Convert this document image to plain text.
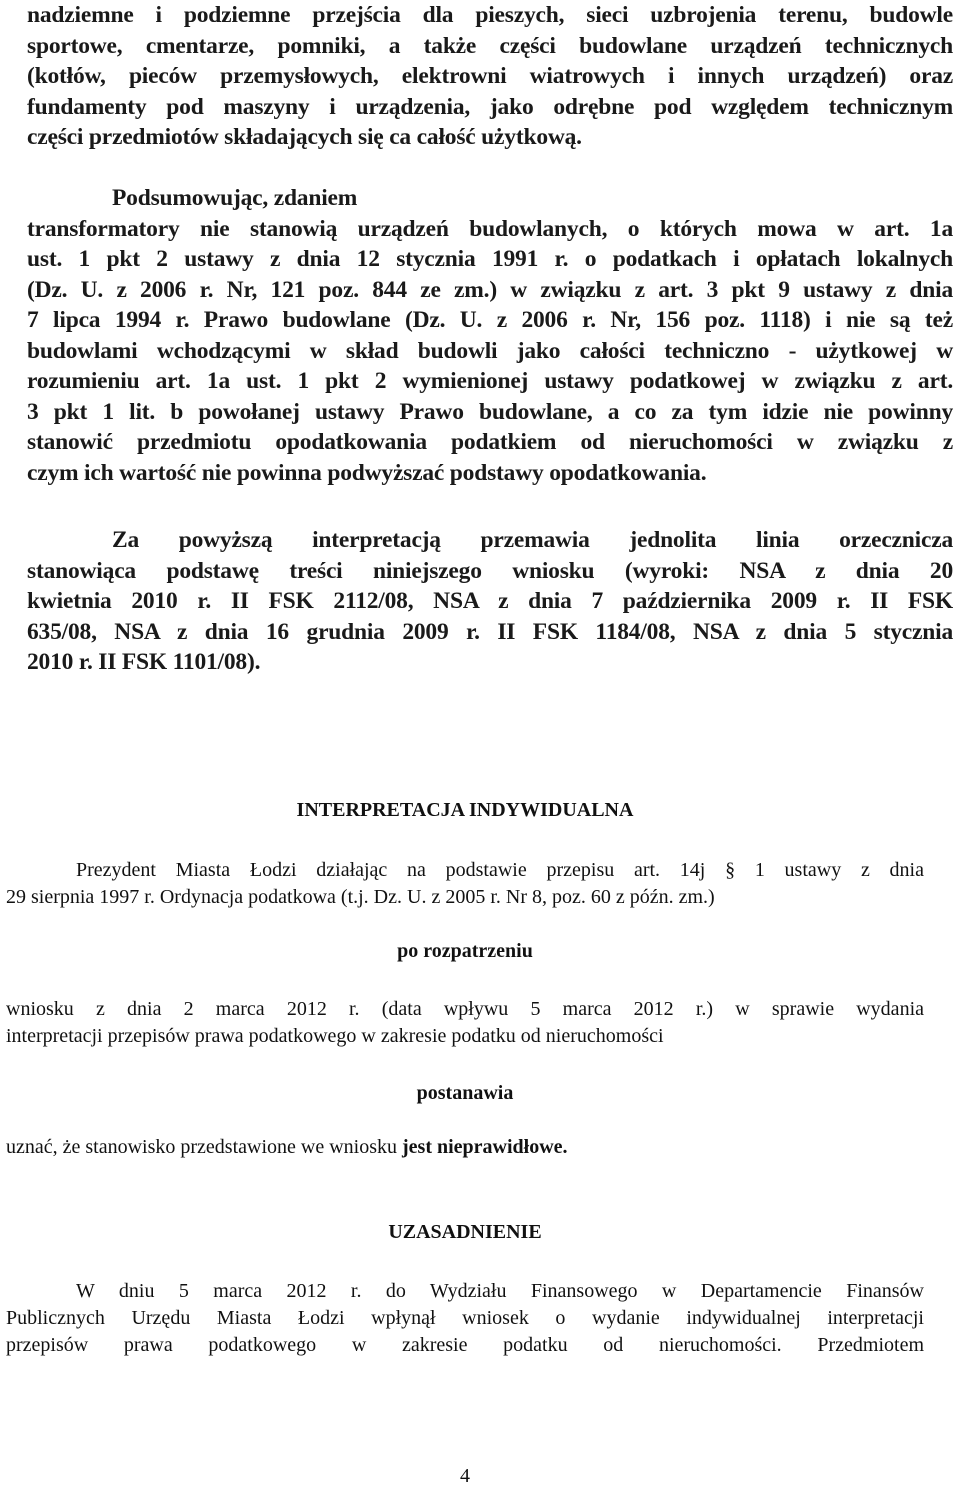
nadziemne i podziemne przejścia dla pieszych, sieci uzbrojenia terenu, budowle
sportowe, cmentarze, pomniki, a także części budowlane urządzeń technicznych
(kotłów, pieców przemysłowych, elektrowni wiatrowych i innych urządzeń) oraz
fundamenty pod maszyny i urządzenia, jako odrębne pod względem technicznym
części przedmiotów składających się ca całość użytkową.
Podsumowując, zdaniem
transformatory nie stanowią urządzeń budowlanych, o których mowa w art. 1a
ust. 1 pkt 2 ustawy z dnia 12 stycznia 1991 r. o podatkach i opłatach lokalnych
(Dz. U. z 2006 r. Nr, 121 poz. 844 ze zm.) w związku z art. 3 pkt 9 ustawy z dnia
7 lipca 1994 r. Prawo budowlane (Dz. U. z 2006 r. Nr, 156 poz. 1118) i nie są też
budowlami wchodzącymi w skład budowli jako całości techniczno - użytkowej w
rozumieniu art. 1a ust. 1 pkt 2 wymienionej ustawy podatkowej w związku z art.
3 pkt 1 lit. b powołanej ustawy Prawo budowlane, a co za tym idzie nie powinny
stanowić przedmiotu opodatkowania podatkiem od nieruchomości w związku z
czym ich wartość nie powinna podwyższać podstawy opodatkowania.
Za powyższą interpretacją przemawia jednolita linia orzecznicza
stanowiąca podstawę treści niniejszego wniosku (wyroki: NSA z dnia 20
kwietnia 2010 r. II FSK 2112/08, NSA z dnia 7 października 2009 r. II FSK
635/08, NSA z dnia 16 grudnia 2009 r. II FSK 1184/08, NSA z dnia 5 stycznia
2010 r. II FSK 1101/08).
INTERPRETACJA INDYWIDUALNA
Prezydent Miasta Łodzi działając na podstawie przepisu art. 14j § 1 ustawy z dnia
29 sierpnia 1997 r. Ordynacja podatkowa (t.j. Dz. U. z 2005 r. Nr 8, poz. 60 z późn. zm.)
po rozpatrzeniu
wniosku z dnia 2 marca 2012 r. (data wpływu 5 marca 2012 r.) w sprawie wydania
interpretacji przepisów prawa podatkowego w zakresie podatku od nieruchomości
postanawia
uznać, że stanowisko przedstawione we wniosku jest nieprawidłowe.
UZASADNIENIE
W dniu 5 marca 2012 r. do Wydziału Finansowego w Departamencie Finansów
Publicznych Urzędu Miasta Łodzi wpłynął wniosek o wydanie indywidualnej interpretacji
przepisów prawa podatkowego w zakresie podatku od nieruchomości. Przedmiotem
4
